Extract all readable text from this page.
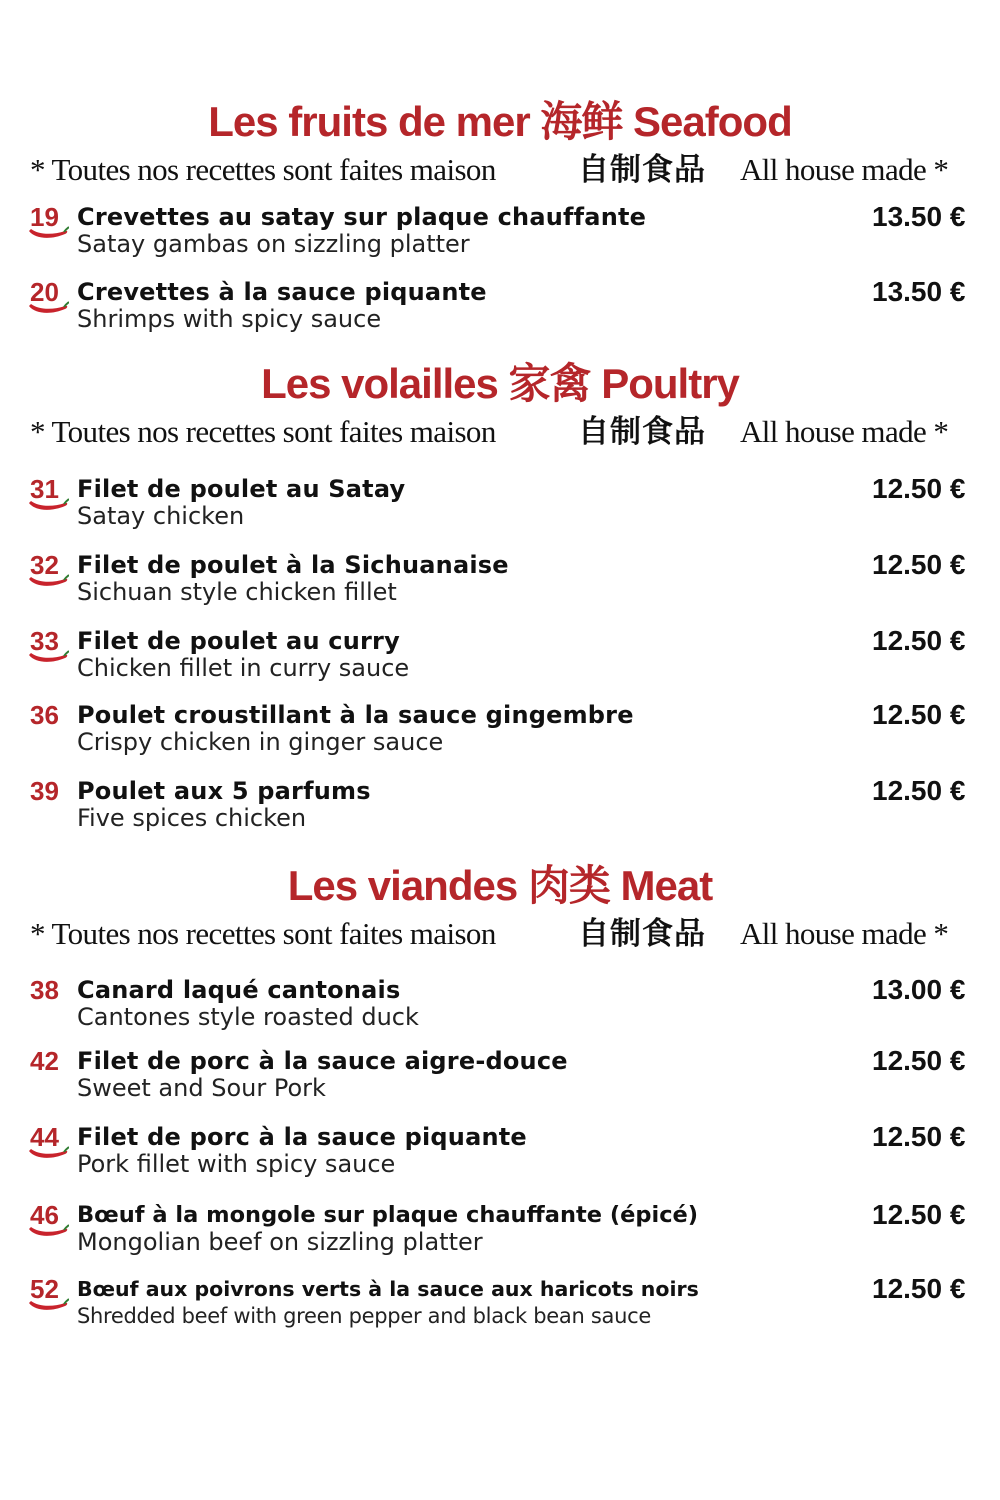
Les fruits de mer 海鲜 Seafood
* Toutes nos recettes sont faites maison	自制食品 All house made *
19 Crevettes au satay sur plaque chauffante
Satay gambas on sizzling platter
13.50 €
20 Crevettes à la sauce piquante
Shrimps with spicy sauce
13.50 €
Les volailles 家禽 Poultry
* Toutes nos recettes sont faites maison	自制食品 All house made *
31 Filet de poulet au Satay
Satay chicken
12.50 €
32 Filet de poulet à la Sichuanaise
Sichuan style chicken fillet
12.50 €
33 Filet de poulet au curry
Chicken fillet in curry sauce
12.50 €
36 Poulet croustillant à la sauce gingembre
Crispy chicken in ginger sauce
12.50 €
39 Poulet aux 5 parfums
Five spices chicken
12.50 €
Les viandes 肉类 Meat
* Toutes nos recettes sont faites maison	自制食品 All house made *
38 Canard laqué cantonais
Cantones style roasted duck
13.00 €
42 Filet de porc à la sauce aigre-douce
Sweet and Sour Pork
12.50 €
44 Filet de porc à la sauce piquante
Pork fillet with spicy sauce
12.50 €
46 Bœuf à la mongole sur plaque chauffante (épicé)
Mongolian beef on sizzling platter
12.50 €
52 Bœuf aux poivrons verts à la sauce aux haricots noirs
Shredded beef with green pepper and black bean sauce
12.50 €
